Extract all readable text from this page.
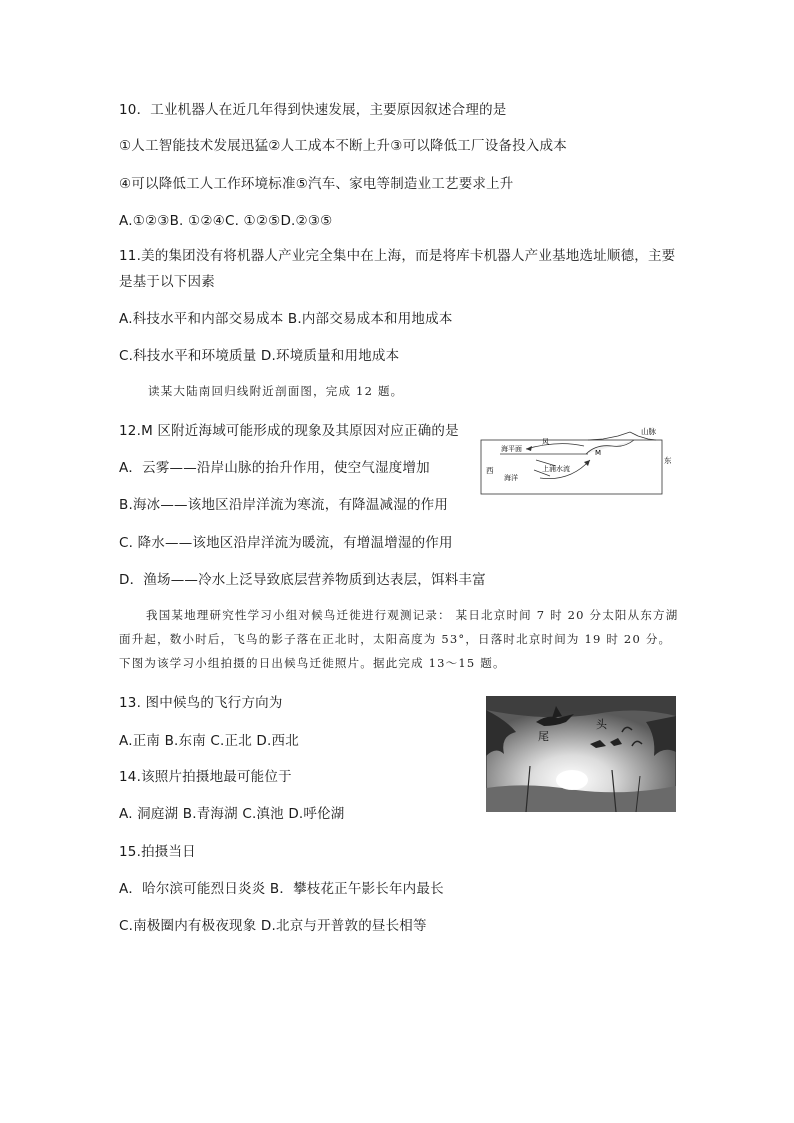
10．工业机器人在近几年得到快速发展，主要原因叙述合理的是
①人工智能技术发展迅猛②人工成本不断上升③可以降低工厂设备投入成本
④可以降低工人工作环境标准⑤汽车、家电等制造业工艺要求上升
A.①②③B. ①②④C. ①②⑤D.②③⑤
11.美的集团没有将机器人产业完全集中在上海，而是将库卡机器人产业基地选址顺德，主要是基于以下因素
A.科技水平和内部交易成本 B.内部交易成本和用地成本
C.科技水平和环境质量 D.环境质量和用地成本
读某大陆南回归线附近剖面图，完成 12 题。
12.M 区附近海域可能形成的现象及其原因对应正确的是
A．云雾——沿岸山脉的抬升作用，使空气湿度增加
B.海冰——该地区沿岸洋流为寒流，有降温减湿的作用
C. 降水——该地区沿岸洋流为暖流，有增温增湿的作用
D．渔场——冷水上泛导致底层营养物质到达表层，饵料丰富
山脉
海平面
风
M
西
东
海洋
上涌水流
我国某地理研究性学习小组对候鸟迁徙进行观测记录： 某日北京时间 7 时 20 分太阳从东方湖面升起，数小时后，飞鸟的影子落在正北时，太阳高度为 53°，日落时北京时间为 19 时 20 分。下图为该学习小组拍摄的日出候鸟迁徙照片。据此完成 13～15 题。
13. 图中候鸟的飞行方向为
A.正南 B.东南 C.正北 D.西北
14.该照片拍摄地最可能位于
A. 洞庭湖 B.青海湖 C.滇池 D.呼伦湖
15.拍摄当日
A．哈尔滨可能烈日炎炎 B．攀枝花正午影长年内最长
C.南极圈内有极夜现象 D.北京与开普敦的昼长相等
头
尾
